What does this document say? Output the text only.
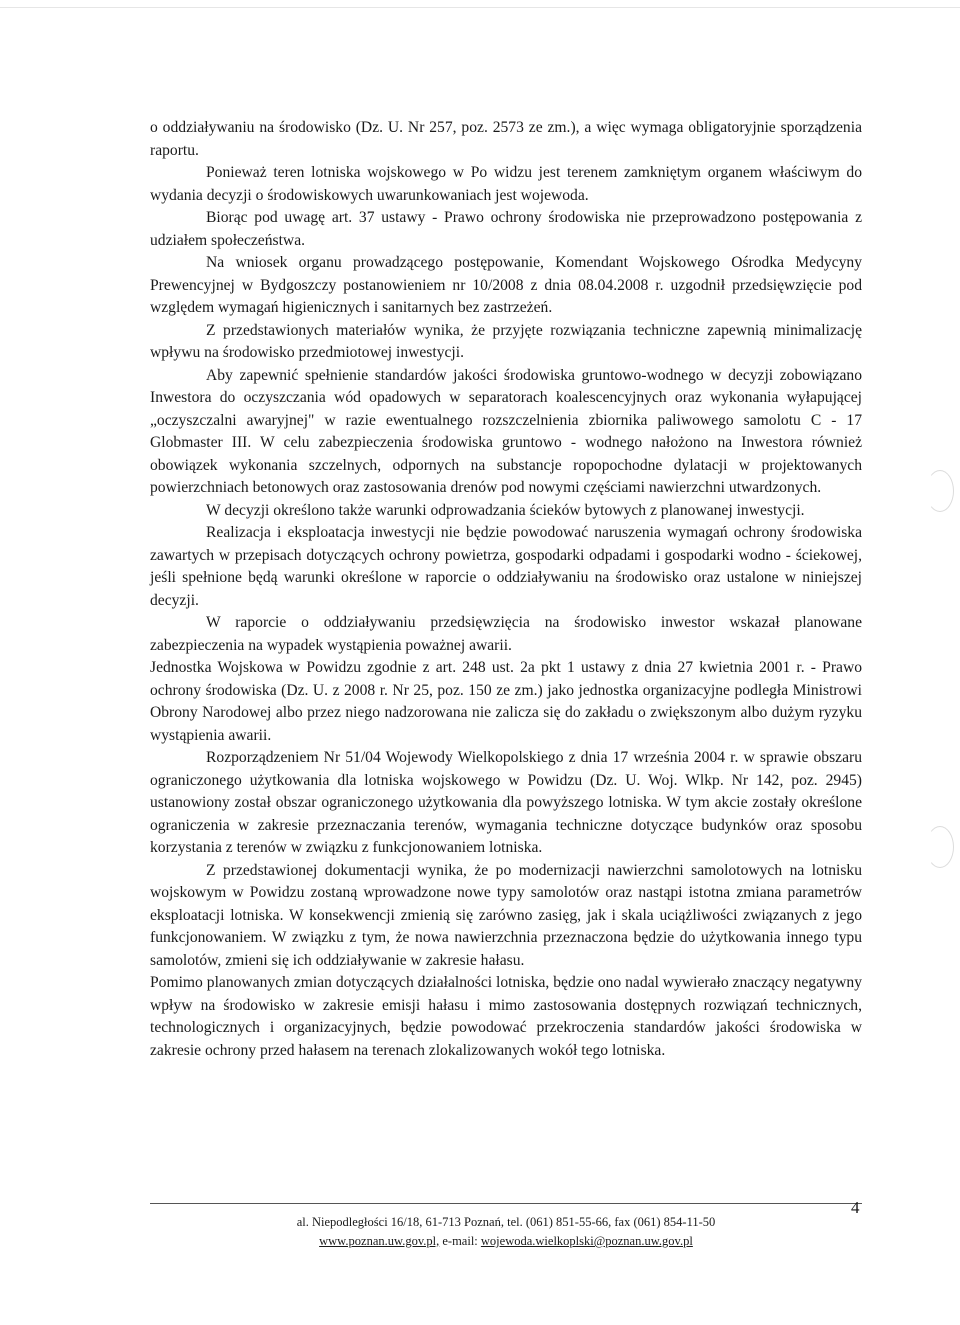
o oddziaływaniu na środowisko (Dz. U. Nr 257, poz. 2573 ze zm.), a więc wymaga obligatoryjnie sporządzenia raportu.

Ponieważ teren lotniska wojskowego w Po widzu jest terenem zamkniętym organem właściwym do wydania decyzji o środowiskowych uwarunkowaniach jest wojewoda.

Biorąc pod uwagę art. 37 ustawy - Prawo ochrony środowiska nie przeprowadzono postępowania z udziałem społeczeństwa.

Na wniosek organu prowadzącego postępowanie, Komendant Wojskowego Ośrodka Medycyny Prewencyjnej w Bydgoszczy postanowieniem nr 10/2008 z dnia 08.04.2008 r. uzgodnił przedsięwzięcie pod względem wymagań higienicznych i sanitarnych bez zastrzeżeń.

Z przedstawionych materiałów wynika, że przyjęte rozwiązania techniczne zapewnią minimalizację wpływu na środowisko przedmiotowej inwestycji.

Aby zapewnić spełnienie standardów jakości środowiska gruntowo-wodnego w decyzji zobowiązano Inwestora do oczyszczania wód opadowych w separatorach koalescencyjnych oraz wykonania wyłapującej „oczyszczalni awaryjnej" w razie ewentualnego rozszczelnienia zbiornika paliwowego samolotu C - 17 Globmaster III. W celu zabezpieczenia środowiska gruntowo - wodnego nałożono na Inwestora również obowiązek wykonania szczelnych, odpornych na substancje ropopochodne dylatacji w projektowanych powierzchniach betonowych oraz zastosowania drenów pod nowymi częściami nawierzchni utwardzonych.

W decyzji określono także warunki odprowadzania ścieków bytowych z planowanej inwestycji.

Realizacja i eksploatacja inwestycji nie będzie powodować naruszenia wymagań ochrony środowiska zawartych w przepisach dotyczących ochrony powietrza, gospodarki odpadami i gospodarki wodno - ściekowej, jeśli spełnione będą warunki określone w raporcie o oddziaływaniu na środowisko oraz ustalone w niniejszej decyzji.

W raporcie o oddziaływaniu przedsięwzięcia na środowisko inwestor wskazał planowane zabezpieczenia na wypadek wystąpienia poważnej awarii.

Jednostka Wojskowa w Powidzu zgodnie z art. 248 ust. 2a pkt 1 ustawy z dnia 27 kwietnia 2001 r. - Prawo ochrony środowiska (Dz. U. z 2008 r. Nr 25, poz. 150 ze zm.) jako jednostka organizacyjne podległa Ministrowi Obrony Narodowej albo przez niego nadzorowana nie zalicza się do zakładu o zwiększonym albo dużym ryzyku wystąpienia awarii.

Rozporządzeniem Nr 51/04 Wojewody Wielkopolskiego z dnia 17 września 2004 r. w sprawie obszaru ograniczonego użytkowania dla lotniska wojskowego w Powidzu (Dz. U. Woj. Wlkp. Nr 142, poz. 2945) ustanowiony został obszar ograniczonego użytkowania dla powyższego lotniska. W tym akcie zostały określone ograniczenia w zakresie przeznaczania terenów, wymagania techniczne dotyczące budynków oraz sposobu korzystania z terenów w związku z funkcjonowaniem lotniska.

Z przedstawionej dokumentacji wynika, że po modernizacji nawierzchni samolotowych na lotnisku wojskowym w Powidzu zostaną wprowadzone nowe typy samolotów oraz nastąpi istotna zmiana parametrów eksploatacji lotniska. W konsekwencji zmienią się zarówno zasięg, jak i skala uciążliwości związanych z jego funkcjonowaniem. W związku z tym, że nowa nawierzchnia przeznaczona będzie do użytkowania innego typu samolotów, zmieni się ich oddziaływanie w zakresie hałasu.

Pomimo planowanych zmian dotyczących działalności lotniska, będzie ono nadal wywierało znaczący negatywny wpływ na środowisko w zakresie emisji hałasu i mimo zastosowania dostępnych rozwiązań technicznych, technologicznych i organizacyjnych, będzie powodować przekroczenia standardów jakości środowiska w zakresie ochrony przed hałasem na terenach zlokalizowanych wokół tego lotniska.

4
al. Niepodległości 16/18, 61-713 Poznań, tel. (061) 851-55-66, fax (061) 854-11-50
www.poznan.uw.gov.pl, e-mail: wojewoda.wielkoplski@poznan.uw.gov.pl
